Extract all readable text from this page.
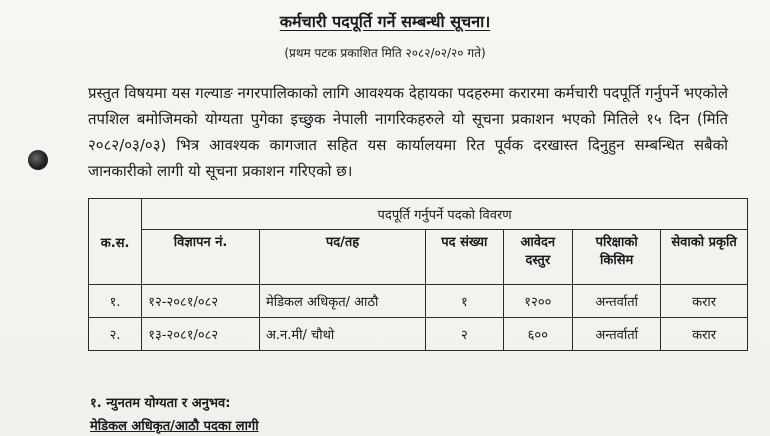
कर्मचारी पदपूर्ति गर्ने सम्बन्धी सूचना।
(प्रथम पटक प्रकाशित मिति २०८२/०२/२० गते)
प्रस्तुत विषयमा यस गल्याङ नगरपालिकाको लागि आवश्यक देहायका पदहरुमा करारमा कर्मचारी पदपूर्ति गर्नुपर्ने भएकोले तपशिल बमोजिमको योग्यता पुगेका इच्छुक नेपाली नागरिकहरुले यो सूचना प्रकाशन भएको मितिले १५ दिन (मिति २०८२/०३/०३) भित्र आवश्यक कागजात सहित यस कार्यालयमा रित पूर्वक दरखास्त दिनुहुन सम्बन्धित सबैको जानकारीको लागी यो सूचना प्रकाशन गरिएको छ।
क.स.	पदपूर्ति गर्नुपर्ने पदको विवरण					
	विज्ञापन नं.	पद/तह	पद संख्या	आवेदन दस्तुर	परिक्षाको किसिम	सेवाको प्रकृति
१.	१२-२०८१/०८२	मेडिकल अधिकृत/ आठौ	१	१२००	अन्तर्वार्ता	करार
२.	१३-२०८१/०८२	अ.न.मी/ चौथो	२	६००	अन्तर्वार्ता	करार
१. न्युनतम योग्यता र अनुभव:
मेडिकल अधिकृत/आठौ पदका लागी
